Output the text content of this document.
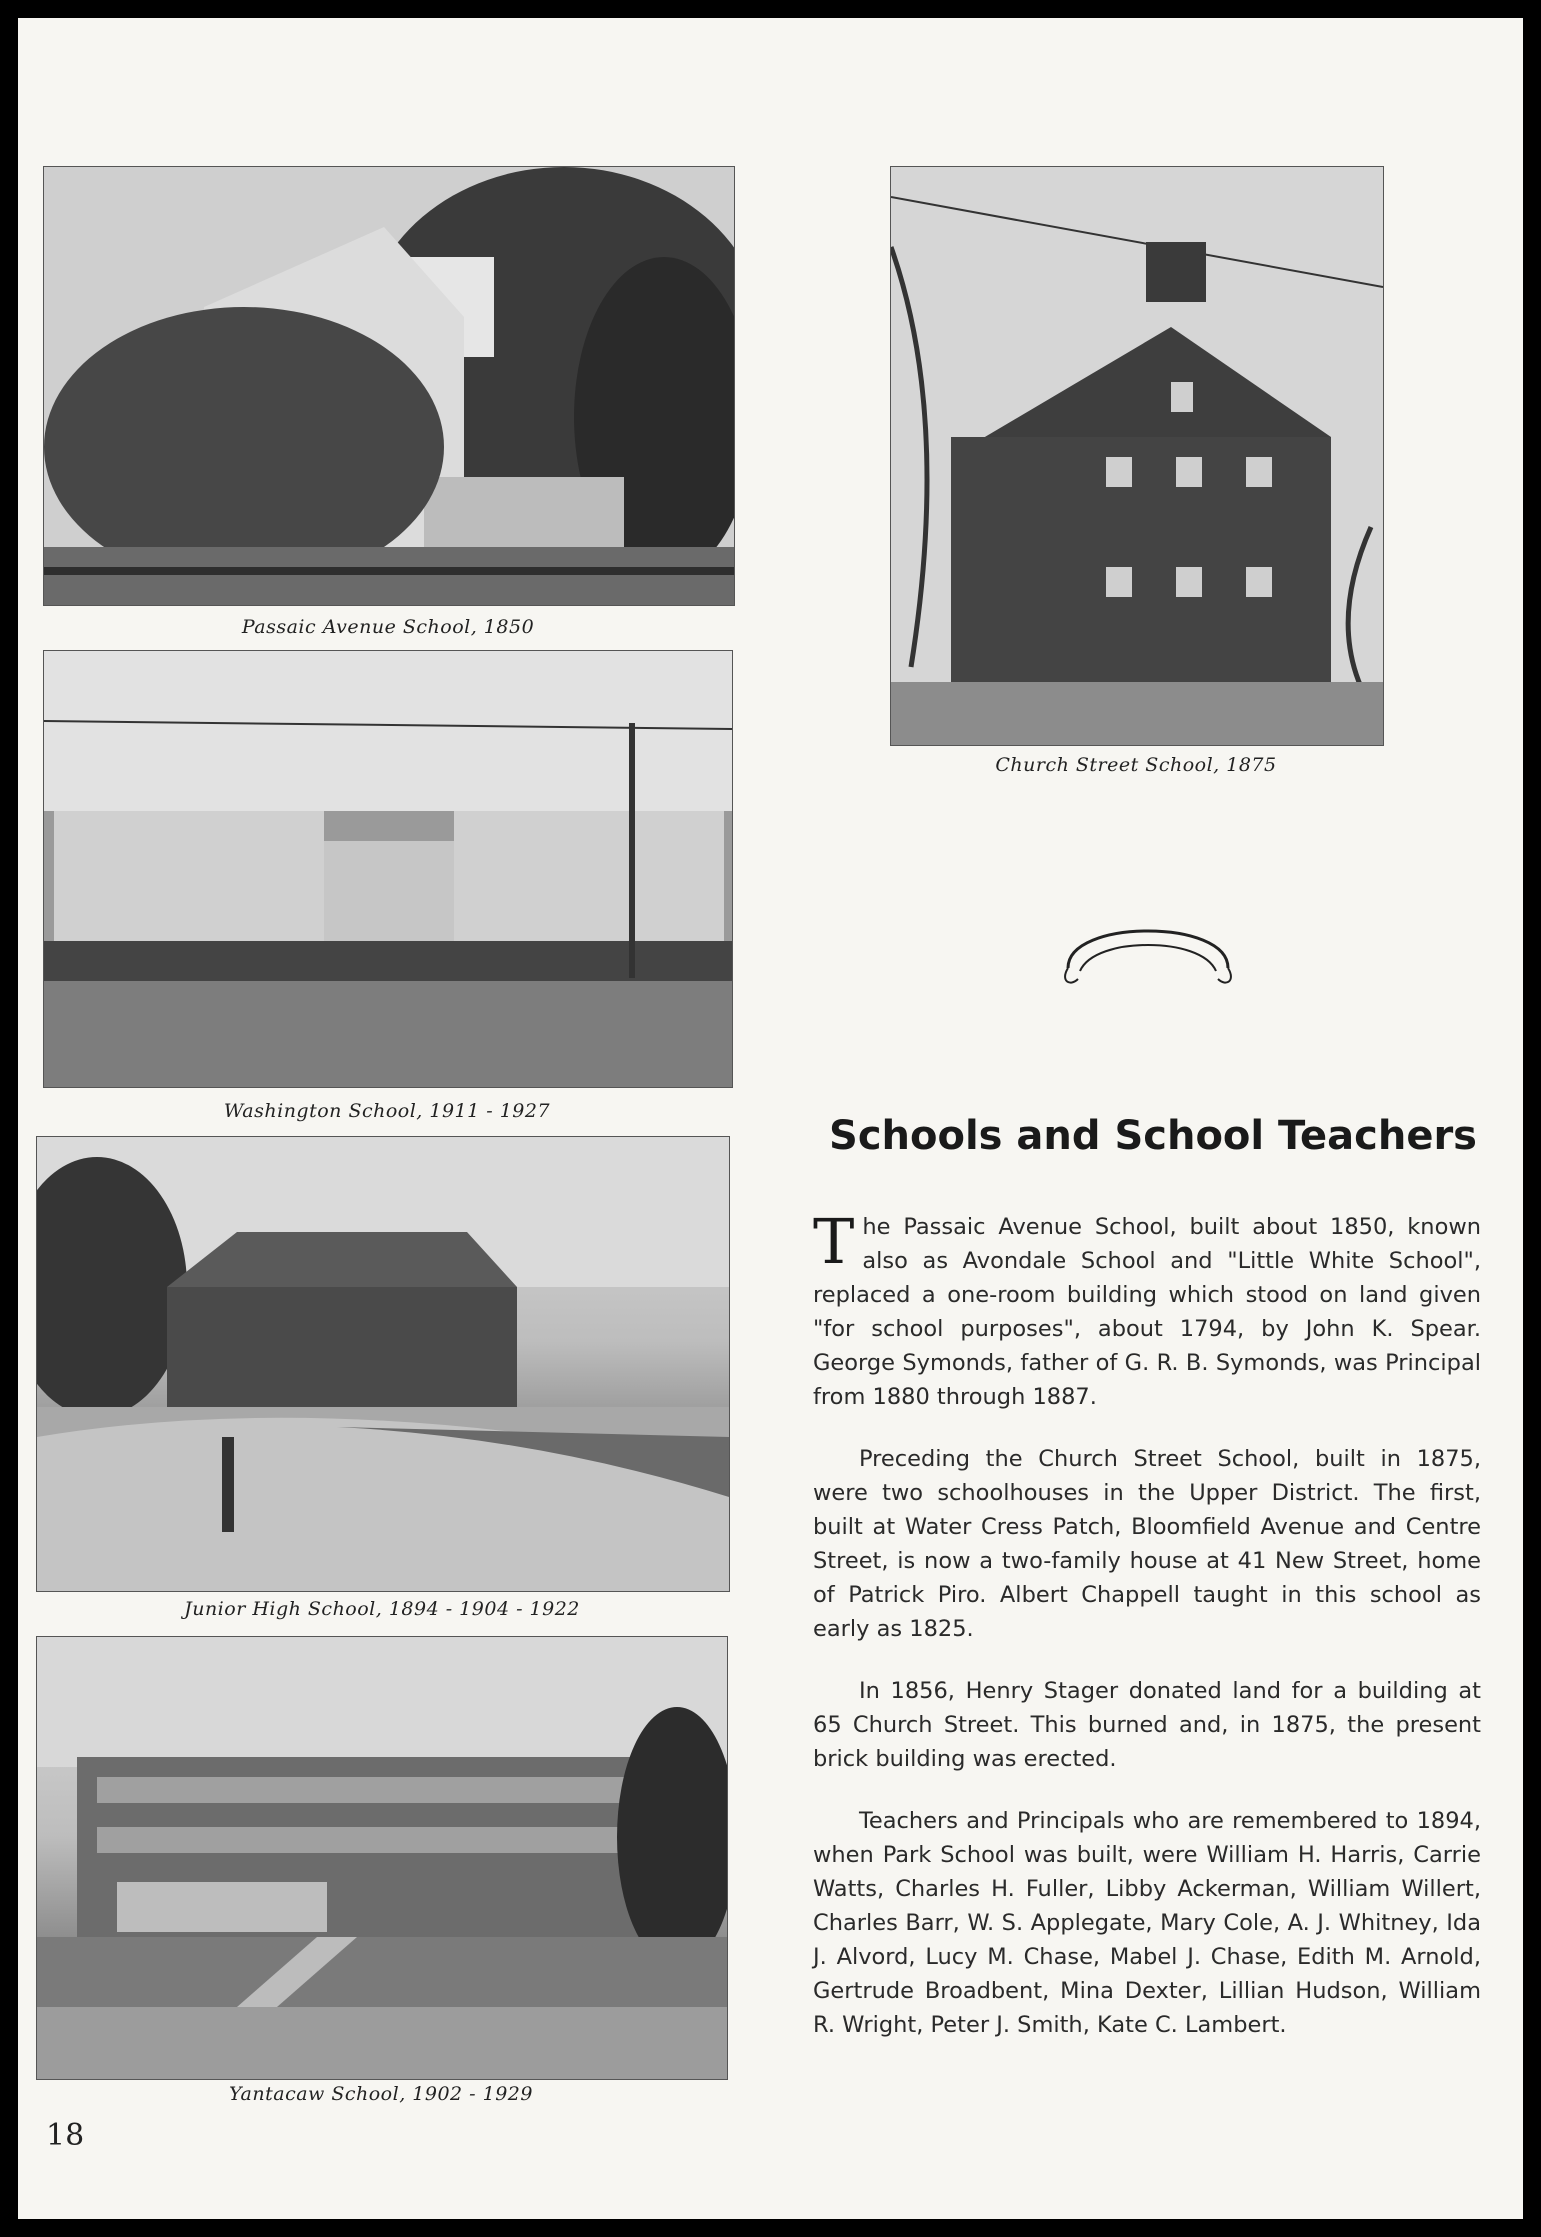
Passaic Avenue School, 1850
Washington School, 1911 - 1927
Junior High School, 1894 - 1904 - 1922
Yantacaw School, 1902 - 1929
Church Street School, 1875
Schools and School Teachers

The Passaic Avenue School, built about 1850, known also as Avondale School and "Little White School", replaced a one-room building which stood on land given "for school purposes", about 1794, by John K. Spear. George Symonds, father of G. R. B. Symonds, was Principal from 1880 through 1887.

Preceding the Church Street School, built in 1875, were two schoolhouses in the Upper District. The first, built at Water Cress Patch, Bloomfield Avenue and Centre Street, is now a two-family house at 41 New Street, home of Patrick Piro. Albert Chappell taught in this school as early as 1825.

In 1856, Henry Stager donated land for a building at 65 Church Street. This burned and, in 1875, the present brick building was erected.

Teachers and Principals who are remembered to 1894, when Park School was built, were William H. Harris, Carrie Watts, Charles H. Fuller, Libby Ackerman, William Willert, Charles Barr, W. S. Applegate, Mary Cole, A. J. Whitney, Ida J. Alvord, Lucy M. Chase, Mabel J. Chase, Edith M. Arnold, Gertrude Broadbent, Mina Dexter, Lillian Hudson, William R. Wright, Peter J. Smith, Kate C. Lambert.

18
